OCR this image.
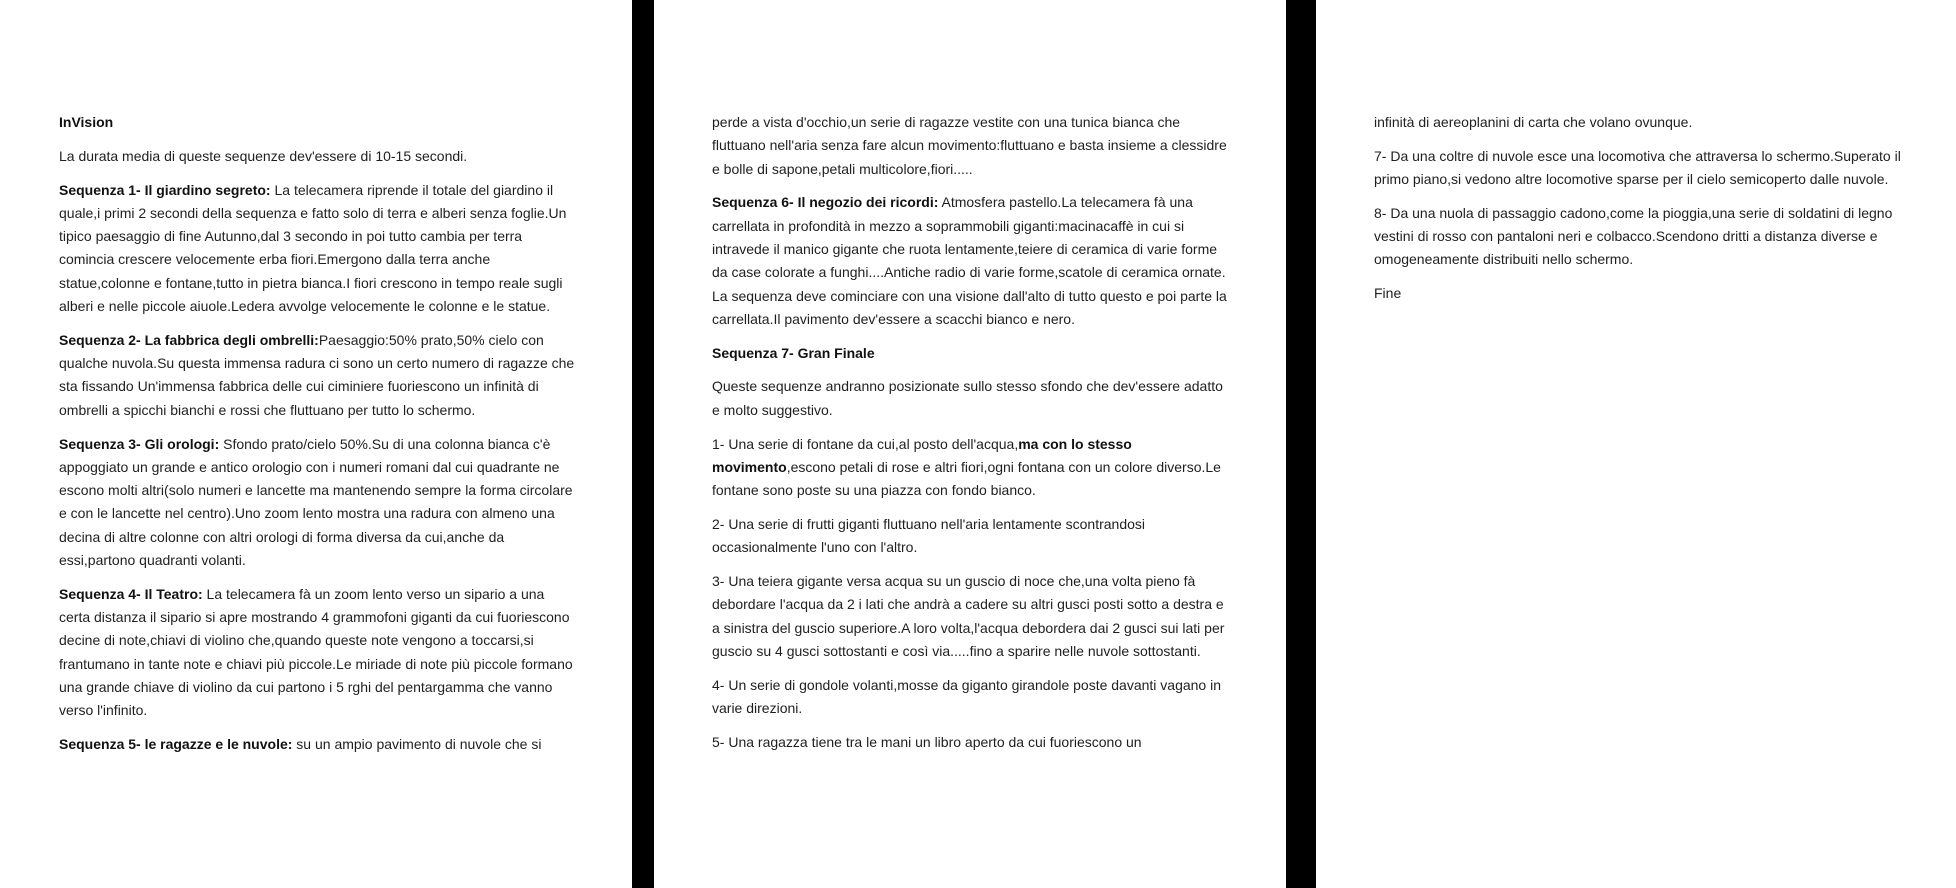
InVision

La durata media di queste sequenze dev'essere di 10-15 secondi.

Sequenza 1- Il giardino segreto: La telecamera riprende il totale del giardino il quale,i primi 2 secondi della sequenza e fatto solo di terra e alberi senza foglie.Un tipico paesaggio di fine Autunno,dal 3 secondo in poi tutto cambia per terra comincia crescere velocemente erba fiori.Emergono dalla terra anche statue,colonne e fontane,tutto in pietra bianca.I fiori crescono in tempo reale sugli alberi e nelle piccole aiuole.Ledera avvolge velocemente le colonne e le statue.

Sequenza 2- La fabbrica degli ombrelli:Paesaggio:50% prato,50% cielo con qualche nuvola.Su questa immensa radura ci sono un certo numero di ragazze che sta fissando Un'immensa fabbrica delle cui ciminiere fuoriescono un infinità di ombrelli a spicchi bianchi e rossi che fluttuano per tutto lo schermo.

Sequenza 3- Gli orologi: Sfondo prato/cielo 50%.Su di una colonna bianca c'è appoggiato un grande e antico orologio con i numeri romani dal cui quadrante ne escono molti altri(solo numeri e lancette ma mantenendo sempre la forma circolare e con le lancette nel centro).Uno zoom lento mostra una radura con almeno una decina di altre colonne con altri orologi di forma diversa da cui,anche da essi,partono quadranti volanti.

Sequenza 4- Il Teatro: La telecamera fà un zoom lento verso un sipario a una certa distanza il sipario si apre mostrando 4 grammofoni giganti da cui fuoriescono decine di note,chiavi di violino che,quando queste note vengono a toccarsi,si frantumano in tante note e chiavi più piccole.Le miriade di note più piccole formano una grande chiave di violino da cui partono i 5 rghi del pentargamma che vanno verso l'infinito.

Sequenza 5- le ragazze e le nuvole: su un ampio pavimento di nuvole che si

perde a vista d'occhio,un serie di ragazze vestite con una tunica bianca che fluttuano nell'aria senza fare alcun movimento:fluttuano e basta insieme a clessidre e bolle di sapone,petali multicolore,fiori.....

Sequenza 6- Il negozio dei ricordi: Atmosfera pastello.La telecamera fà una carrellata in profondità in mezzo a soprammobili giganti:macinacaffè in cui si intravede il manico gigante che ruota lentamente,teiere di ceramica di varie forme da case colorate a funghi....Antiche radio di varie forme,scatole di ceramica ornate. La sequenza deve cominciare con una visione dall'alto di tutto questo e poi parte la carrellata.Il pavimento dev'essere a scacchi bianco e nero.

Sequenza 7- Gran Finale

Queste sequenze andranno posizionate sullo stesso sfondo che dev'essere adatto e molto suggestivo.

1- Una serie di fontane da cui,al posto dell'acqua,ma con lo stesso movimento,escono petali di rose e altri fiori,ogni fontana con un colore diverso.Le fontane sono poste su una piazza con fondo bianco.

2- Una serie di frutti giganti fluttuano nell'aria lentamente scontrandosi occasionalmente l'uno con l'altro.

3- Una teiera gigante versa acqua su un guscio di noce che,una volta pieno fà debordare l'acqua da 2 i lati che andrà a cadere su altri gusci posti sotto a destra e a sinistra del guscio superiore.A loro volta,l'acqua debordera dai 2 gusci sui lati per guscio su 4 gusci sottostanti e così via.....fino a sparire nelle nuvole sottostanti.

4- Un serie di gondole volanti,mosse da giganto girandole poste davanti vagano in varie direzioni.

5- Una ragazza tiene tra le mani un libro aperto da cui fuoriescono un

infinità di aereoplanini di carta che volano ovunque.

7- Da una coltre di nuvole esce una locomotiva che attraversa lo schermo.Superato il primo piano,si vedono altre locomotive sparse per il cielo semicoperto dalle nuvole.

8- Da una nuola di passaggio cadono,come la pioggia,una serie di soldatini di legno vestini di rosso con pantaloni neri e colbacco.Scendono dritti a distanza diverse e omogeneamente distribuiti nello schermo.

Fine
